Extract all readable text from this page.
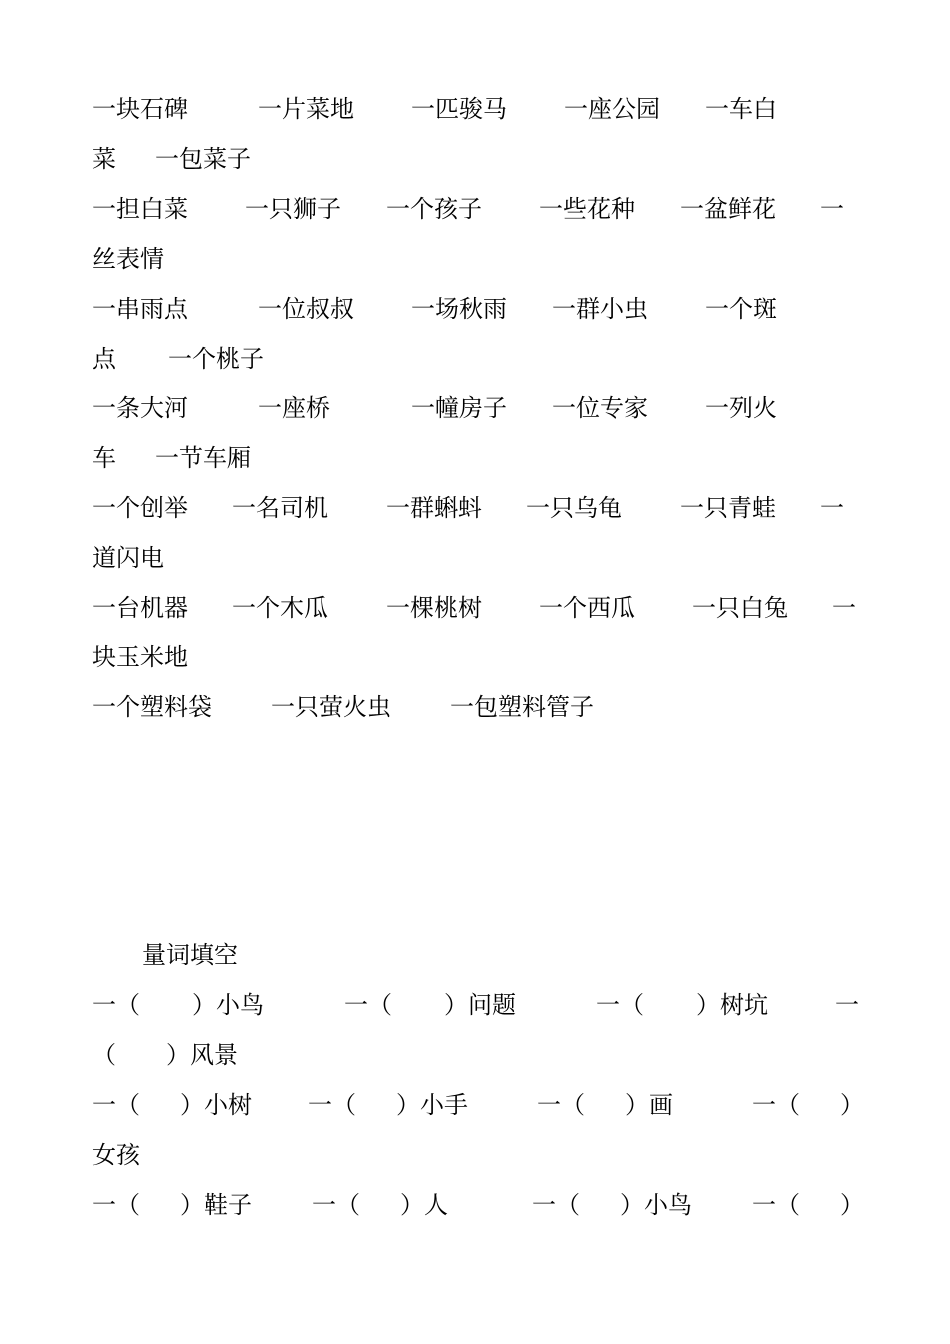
一块石碑	一片菜地 一匹骏马 一座公园 一车白
菜 一包菜子
一担白菜 一只狮子 一个孩子 一些花种 一盆鲜花 一
丝表情
一串雨点	一位叔叔 一场秋雨 一群小虫 一个斑
点 一个桃子
一条大河	一座桥	一幢房子 一位专家 一列火
车 一节车厢
一个创举 一名司机 一群蝌蚪 一只乌龟 一只青蛙 一
道闪电
一台机器 一个木瓜 一棵桃树 一个西瓜 一只白兔 一
块玉米地
一个塑料袋 一只萤火虫 一包塑料管子
量词填空
一（ ）小鸟	一（ ）问题	一（ ）树坑	一
（ ）风景
一（ ）小树 一（ ）小手	一（ ）画	一（ ）
女孩
一（ ）鞋子	一（ ）人	一（ ）小鸟	一（ ）
